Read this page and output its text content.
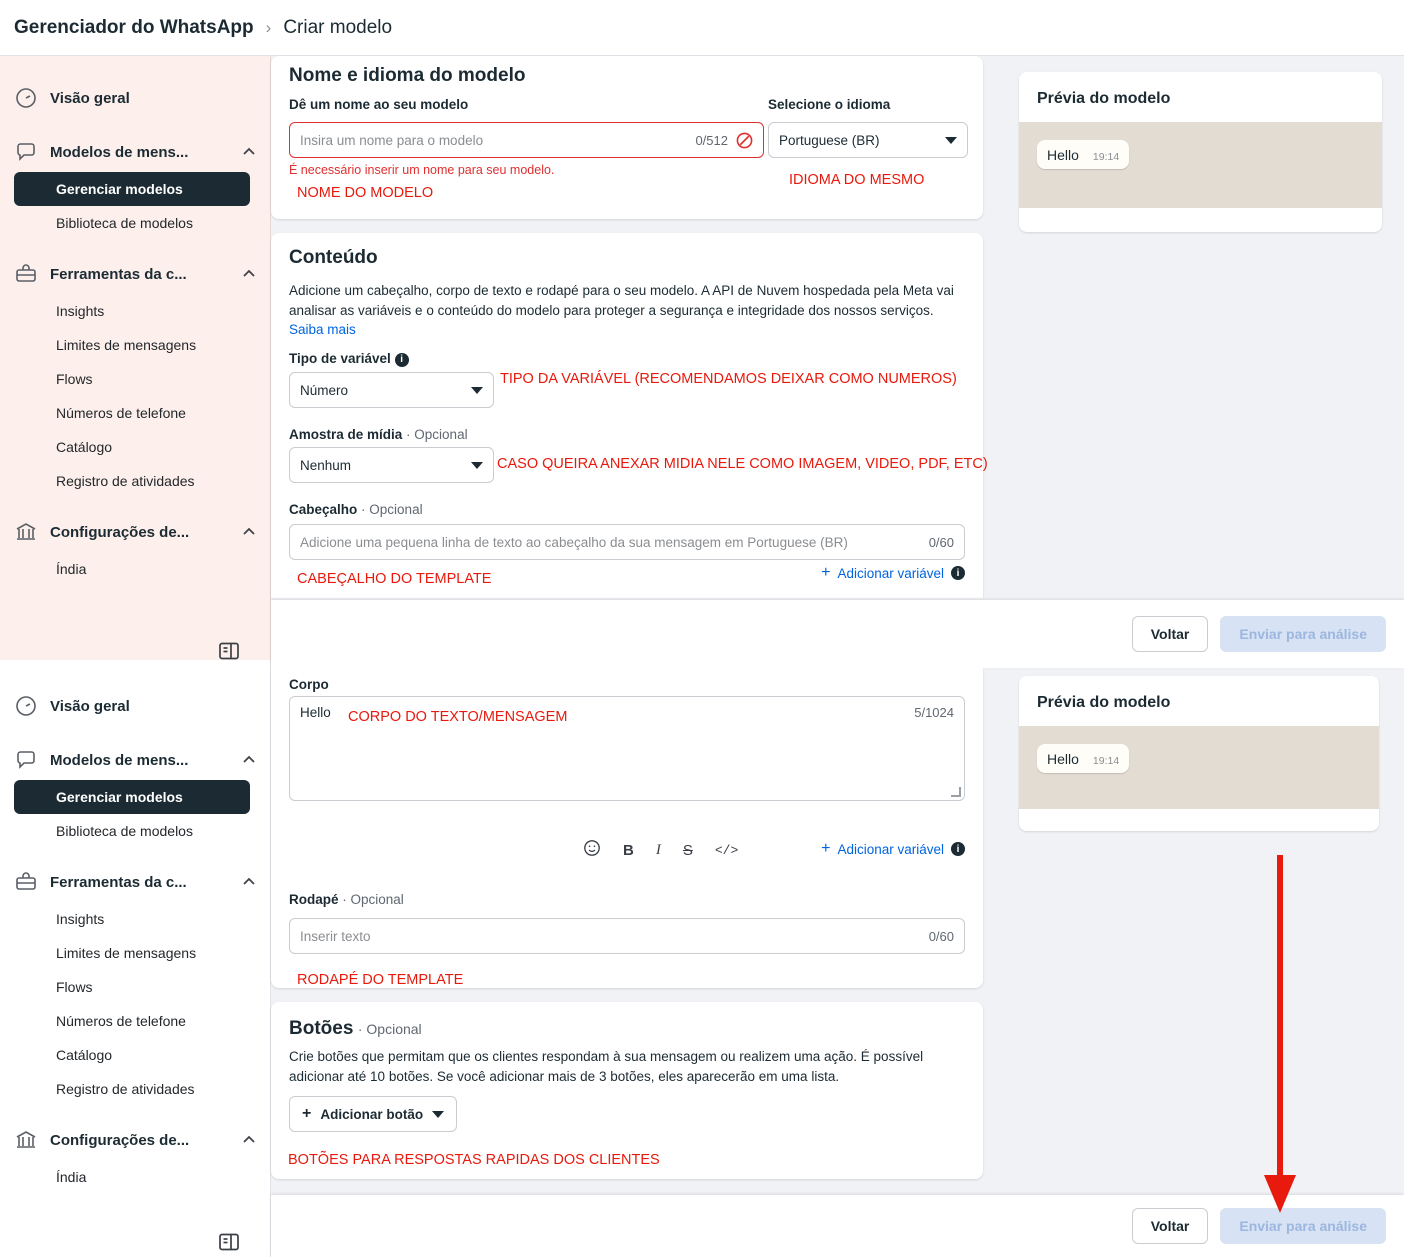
Gerenciador do WhatsApp › Criar modelo
Visão geral
Modelos de mens...
Gerenciar modelos
Biblioteca de modelos
Ferramentas da c...
Insights
Limites de mensagens
Flows
Números de telefone
Catálogo
Registro de atividades
Configurações de...
Índia
Visão geral
Modelos de mens...
Gerenciar modelos
Biblioteca de modelos
Ferramentas da c...
Insights
Limites de mensagens
Flows
Números de telefone
Catálogo
Registro de atividades
Configurações de...
Índia
Nome e idioma do modelo
Dê um nome ao seu modelo
Insira um nome para o modelo	0/512
É necessário inserir um nome para seu modelo.
Selecione o idioma
Portuguese (BR)
Conteúdo
Adicione um cabeçalho, corpo de texto e rodapé para o seu modelo. A API de Nuvem hospedada pela Meta vai analisar as variáveis e o conteúdo do modelo para proteger a segurança e integridade dos nossos serviços. Saiba mais
Tipo de variável i
Número
Amostra de mídia · Opcional
Nenhum
Cabeçalho · Opcional
Adicione uma pequena linha de texto ao cabeçalho da sua mensagem em Portuguese (BR)	0/60
+ Adicionar variável	i
Voltar	Enviar para análise
Corpo
Hello	5/1024
B I S </>	+ Adicionar variável	i
Rodapé · Opcional
Inserir texto	0/60
Botões · Opcional
Crie botões que permitam que os clientes respondam à sua mensagem ou realizem uma ação. É possível adicionar até 10 botões. Se você adicionar mais de 3 botões, eles aparecerão em uma lista.
+ Adicionar botão
Prévia do modelo
Hello 19:14
Prévia do modelo
Hello 19:14
Voltar	Enviar para análise
NOME DO MODELO
IDIOMA DO MESMO
TIPO DA VARIÁVEL (RECOMENDAMOS DEIXAR COMO NUMEROS)
CASO QUEIRA ANEXAR MIDIA NELE COMO IMAGEM, VIDEO, PDF, ETC)
CABEÇALHO DO TEMPLATE
CORPO DO TEXTO/MENSAGEM
RODAPÉ DO TEMPLATE
BOTÕES PARA RESPOSTAS RAPIDAS DOS CLIENTES
